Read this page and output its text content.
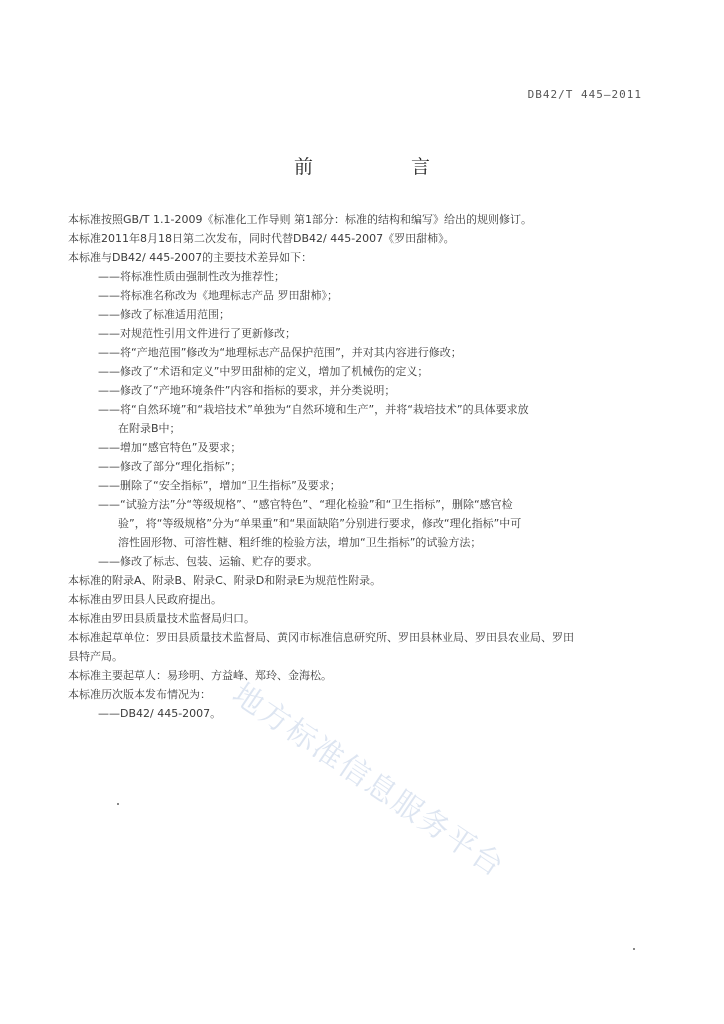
DB42/T 445—2011
前 言
本标准按照GB/T 1.1-2009《标准化工作导则 第1部分：标准的结构和编写》给出的规则修订。
本标准2011年8月18日第二次发布，同时代替DB42/ 445-2007《罗田甜柿》。
本标准与DB42/ 445-2007的主要技术差异如下：
——将标准性质由强制性改为推荐性；
——将标准名称改为《地理标志产品 罗田甜柿》；
——修改了标准适用范围；
——对规范性引用文件进行了更新修改；
——将“产地范围”修改为“地理标志产品保护范围”，并对其内容进行修改；
——修改了“术语和定义”中罗田甜柿的定义，增加了机械伤的定义；
——修改了“产地环境条件”内容和指标的要求，并分类说明；
——将“自然环境”和“栽培技术”单独为“自然环境和生产”，并将“栽培技术”的具体要求放
在附录B中；
——增加“感官特色”及要求；
——修改了部分“理化指标”；
——删除了“安全指标”，增加“卫生指标”及要求；
——“试验方法”分“等级规格”、“感官特色”、“理化检验”和“卫生指标”，删除“感官检
验”，将“等级规格”分为“单果重”和“果面缺陷”分别进行要求，修改“理化指标”中可
溶性固形物、可溶性糖、粗纤维的检验方法，增加“卫生指标”的试验方法；
——修改了标志、包装、运输、贮存的要求。
本标准的附录A、附录B、附录C、附录D和附录E为规范性附录。
本标准由罗田县人民政府提出。
本标准由罗田县质量技术监督局归口。
本标准起草单位：罗田县质量技术监督局、黄冈市标准信息研究所、罗田县林业局、罗田县农业局、罗田
县特产局。
本标准主要起草人：易珍明、方益峰、郑玲、金海松。
本标准历次版本发布情况为：
——DB42/ 445-2007。 地方标准信息服务平台
